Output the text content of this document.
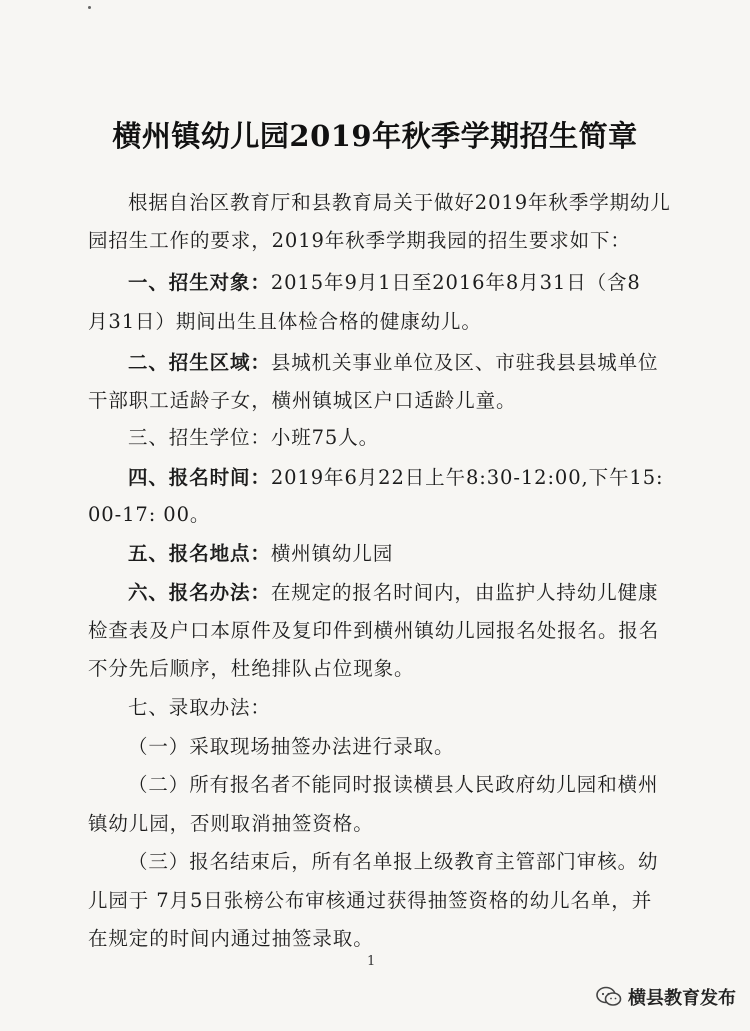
横州镇幼儿园2019年秋季学期招生简章
根据自治区教育厅和县教育局关于做好2019年秋季学期幼儿
园招生工作的要求，2019年秋季学期我园的招生要求如下：
一、招生对象：2015年9月1日至2016年8月31日（含8
月31日）期间出生且体检合格的健康幼儿。
二、招生区域：县城机关事业单位及区、市驻我县县城单位
干部职工适龄子女，横州镇城区户口适龄儿童。
三、招生学位：小班75人。
四、报名时间：2019年6月22日上午8:30-12:00,下午15:
00-17: 00。
五、报名地点：横州镇幼儿园
六、报名办法：在规定的报名时间内，由监护人持幼儿健康
检查表及户口本原件及复印件到横州镇幼儿园报名处报名。报名
不分先后顺序，杜绝排队占位现象。
七、录取办法：
（一）采取现场抽签办法进行录取。
（二）所有报名者不能同时报读横县人民政府幼儿园和横州
镇幼儿园，否则取消抽签资格。
（三）报名结束后，所有名单报上级教育主管部门审核。幼
儿园于 7月5日张榜公布审核通过获得抽签资格的幼儿名单，并
在规定的时间内通过抽签录取。
1
横县教育发布
